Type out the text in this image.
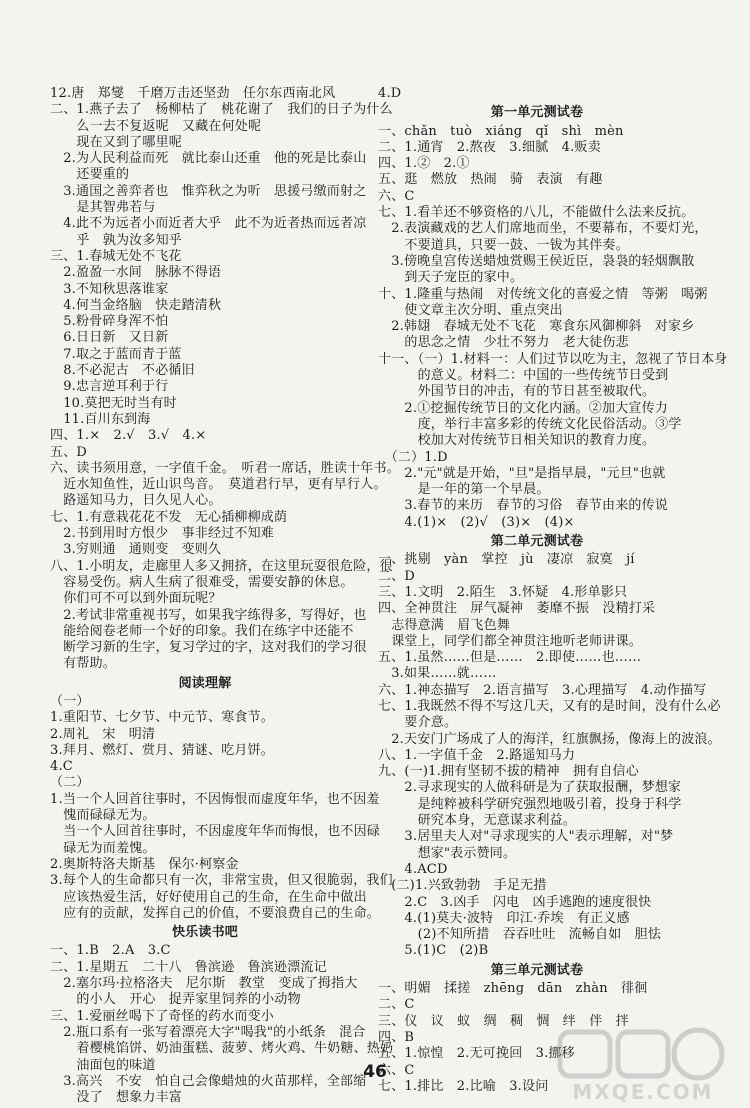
12.唐　郑燮　千磨万击还坚劲　任尔东西南北风
二、1.燕子去了　杨柳枯了　桃花谢了　我们的日子为什么
　　么一去不复返呢　又藏在何处呢
　　现在又到了哪里呢
　2.为人民利益而死　就比泰山还重　他的死是比泰山
　　还要重的
　3.通国之善弈者也　惟弈秋之为听　思援弓缴而射之
　　是其智弗若与
　4.此不为远者小而近者大乎　此不为近者热而远者凉
　　乎　孰为汝多知乎
三、1.春城无处不飞花
　2.盈盈一水间　脉脉不得语
　3.不知秋思落谁家
　4.何当金络脑　快走踏清秋
　5.粉骨碎身浑不怕
　6.日日新　又日新
　7.取之于蓝而青于蓝
　8.不必泥古　不必循旧
　9.忠言逆耳利于行
　10.莫把无时当有时
　11.百川东到海
四、1.×　2.√　3.√　4.×
五、D
六、读书须用意，一字值千金。　听君一席话，胜读十年书。
　近水知鱼性，近山识鸟音。　莫道君行早，更有早行人。
　路遥知马力，日久见人心。
七、1.有意栽花花不发　无心插柳柳成荫
　2.书到用时方恨少　事非经过不知难
　3.穷则通　通则变　变则久
八、1.小明友，走廊里人多又拥挤，在这里玩耍很危险，很
　容易受伤。病人生病了很难受，需要安静的休息。
　你们可不可以到外面玩呢？
　2.考试非常重视书写，如果我字练得多，写得好，也
　能给阅卷老师一个好的印象。我们在练字中还能不
　断学习新的生字，复习学过的字，这对我们的学习很
　有帮助。
阅读理解
（一）
1.重阳节、七夕节、中元节、寒食节。
2.周礼　宋　明清
3.拜月、燃灯、赏月、猜谜、吃月饼。
4.C
（二）
1.当一个人回首往事时，不因悔恨而虚度年华，也不因羞
　愧而碌碌无为。
　当一个人回首往事时，不因虚度年华而悔恨，也不因碌
　碌无为而羞愧。
2.奥斯特洛夫斯基　保尔·柯察金
3.每个人的生命都只有一次，非常宝贵，但又很脆弱，我们
　应该热爱生活，好好使用自己的生命，在生命中做出
　应有的贡献，发挥自己的价值，不要浪费自己的生命。
快乐读书吧
一、1.B　2.A　3.C
二、1.星期五　二十八　鲁滨逊　鲁滨逊漂流记
　2.塞尔玛·拉格洛夫　尼尔斯　教堂　变成了拇指大
　　的小人　开心　捉弄家里饲养的小动物
三、1.爱丽丝喝下了奇怪的药水而变小
　2.瓶口系有一张写着漂亮大字"喝我"的小纸条　混合
　　着樱桃馅饼、奶油蛋糕、菠萝、烤火鸡、牛奶糖、热奶
　　油面包的味道
　3.高兴　不安　怕自己会像蜡烛的火苗那样，全部缩
　　没了　想象力丰富
4.D
第一单元测试卷
一、chǎn　tuò　xiáng　qǐ　shì　mèn
二、1.通宵　2.熬夜　3.细腻　4.贩卖
四、1.②　2.①
五、逛　燃放　热闹　骑　表演　有趣
六、C
七、1.看羊还不够资格的八儿，不能做什么法来反抗。
　2.表演藏戏的艺人们席地而坐，不要幕布，不要灯光，
　　不要道具，只要一鼓、一钹为其伴奏。
　3.傍晚皇宫传送蜡烛赏赐王侯近臣，袅袅的轻烟飘散
　　到天子宠臣的家中。
十、1.隆重与热闹　对传统文化的喜爱之情　等粥　喝粥
　　使文章主次分明、重点突出
　2.韩翃　春城无处不飞花　寒食东风御柳斜　对家乡
　　的思念之情　少壮不努力　老大徒伤悲
十一、（一）1.材料一：人们过节以吃为主，忽视了节日本身
　　　的意义。材料二：中国的一些传统节日受到
　　　外国节日的冲击，有的节日甚至被取代。
　　2.①挖掘传统节日的文化内涵。②加大宣传力
　　　度，举行丰富多彩的传统文化民俗活动。③学
　　　校加大对传统节日相关知识的教育力度。
　（二）1.D
　　2."元"就是开始，"旦"是指早晨，"元旦"也就
　　　是一年的第一个早晨。
　　3.春节的来历　春节的习俗　春节由来的传说
　　4.(1)×　(2)√　(3)×　(4)×
第二单元测试卷
一、挑剔　yàn　掌控　jù　凄凉　寂寞　jí
二、D
三、1.文明　2.陌生　3.怀疑　4.形单影只
四、全神贯注　屏气凝神　萎靡不振　没精打采
　志得意满　眉飞色舞
　课堂上，同学们都全神贯注地听老师讲课。
五、1.虽然……但是……　2.即使……也……
　3.如果……就……
六、1.神态描写　2.语言描写　3.心理描写　4.动作描写
七、1.我既然不得不写这几天，又有的是时间，没有什么必
　　要介意。
　2.天安门广场成了人的海洋，红旗飘扬，像海上的波浪。
八、1.一字值千金　2.路遥知马力
九、(一)1.拥有坚韧不拔的精神　拥有自信心
　　2.寻求现实的人做科研是为了获取报酬，梦想家
　　　是纯粹被科学研究强烈地吸引着，投身于科学
　　　研究本身，无意谋求利益。
　　3.居里夫人对"寻求现实的人"表示理解，对"梦
　　　想家"表示赞同。
　　4.ACD
　(二)1.兴致勃勃　手足无措
　　2.C　3.凶手　闪电　凶手逃跑的速度很快
　　4.(1)莫夫·波特　印江·乔埃　有正义感
　　　(2)不知所措　吞吞吐吐　流畅自如　胆怯
　　5.(1)C　(2)B
第三单元测试卷
一、明媚　揉搓　zhēng　dān　zhàn　徘徊
二、C
三、仪　议　蚁　绸　稠　惆　绊　伴　拌
四、B
五、1.惊惶　2.无可挽回　3.挪移
六、C
七、1.排比　2.比喻　3.设问
46
MXQE.COM
